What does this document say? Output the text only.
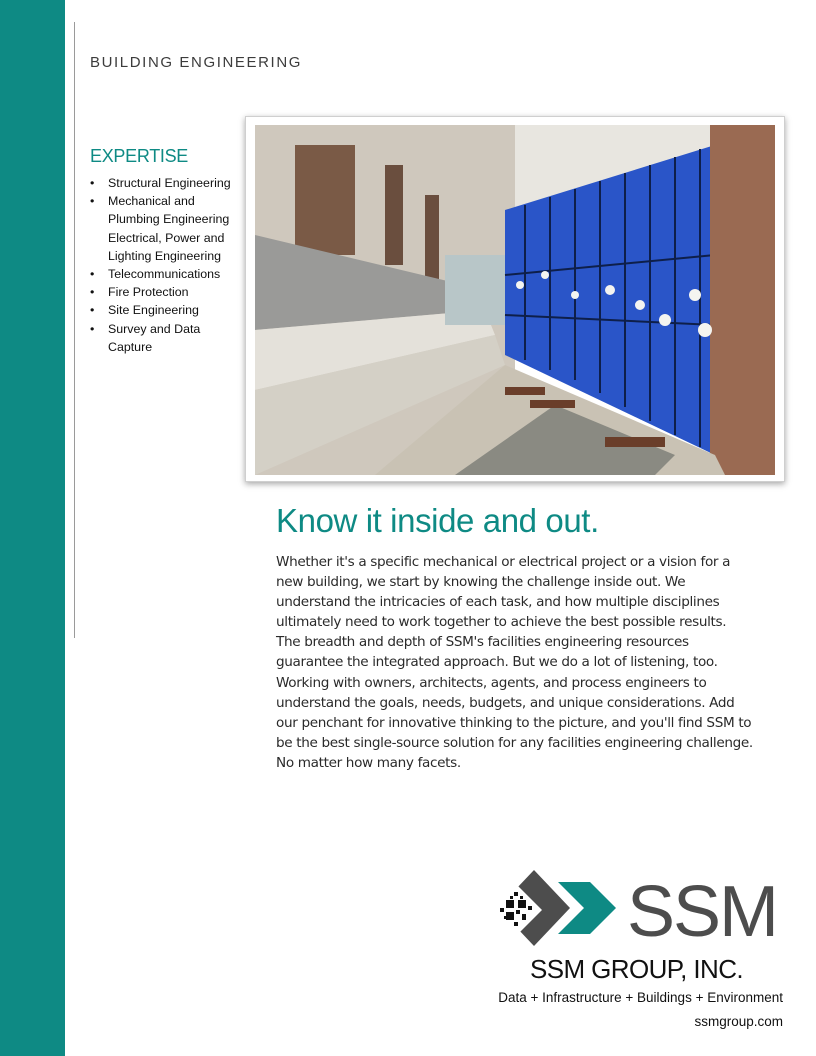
BUILDING ENGINEERING
EXPERTISE
• Structural Engineering
• Mechanical and
Plumbing Engineering
Electrical, Power and
Lighting Engineering
• Telecommunications
• Fire Protection
• Site Engineering
• Survey and Data
Capture
Know it inside and out.
Whether it's a specific mechanical or electrical project or a vision for a new building, we start by knowing the challenge inside out. We understand the intricacies of each task, and how multiple disciplines ultimately need to work together to achieve the best possible results. The breadth and depth of SSM's facilities engineering resources guarantee the integrated approach. But we do a lot of listening, too. Working with owners, architects, agents, and process engineers to understand the goals, needs, budgets, and unique considerations. Add our penchant for innovative thinking to the picture, and you'll find SSM to be the best single-source solution for any facilities engineering challenge. No matter how many facets.
SSM
SSM GROUP, INC.
Data + Infrastructure + Buildings + Environment
ssmgroup.com
